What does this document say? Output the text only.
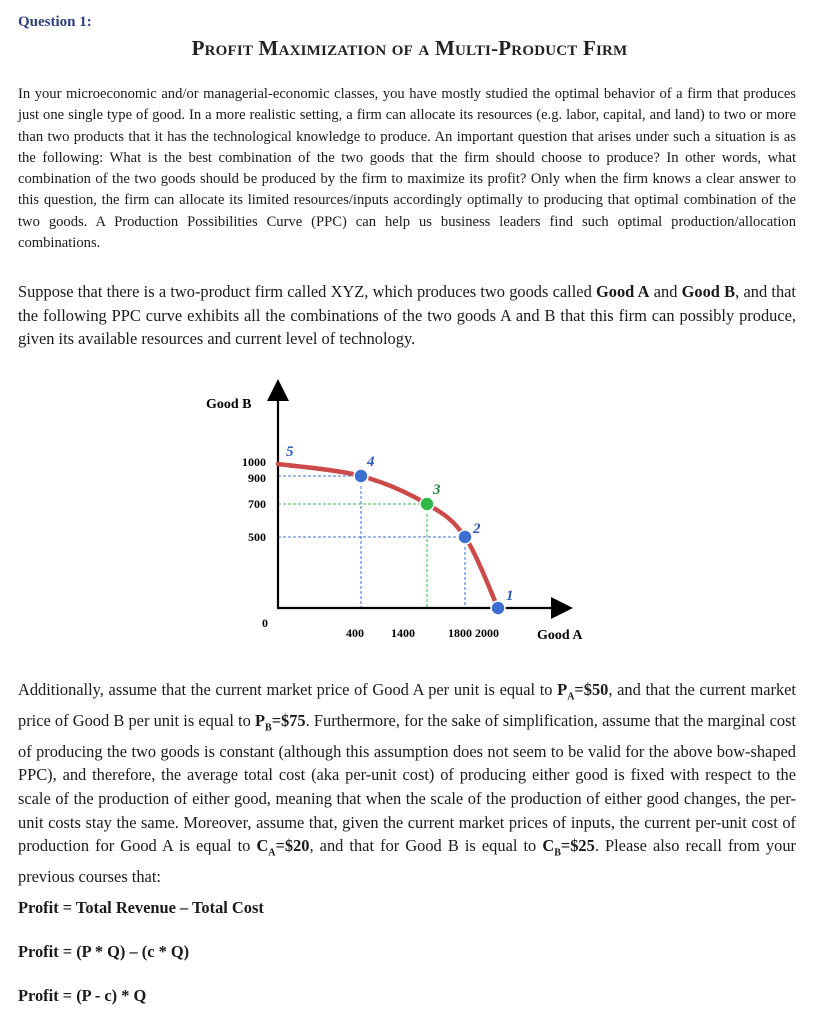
Question 1:
Profit Maximization of a Multi-Product Firm
In your microeconomic and/or managerial-economic classes, you have mostly studied the optimal behavior of a firm that produces just one single type of good. In a more realistic setting, a firm can allocate its resources (e.g. labor, capital, and land) to two or more than two products that it has the technological knowledge to produce. An important question that arises under such a situation is as the following: What is the best combination of the two goods that the firm should choose to produce? In other words, what combination of the two goods should be produced by the firm to maximize its profit? Only when the firm knows a clear answer to this question, the firm can allocate its limited resources/inputs accordingly optimally to producing that optimal combination of the two goods. A Production Possibilities Curve (PPC) can help us business leaders find such optimal production/allocation combinations.
Suppose that there is a two-product firm called XYZ, which produces two goods called Good A and Good B, and that the following PPC curve exhibits all the combinations of the two goods A and B that this firm can possibly produce, given its available resources and current level of technology.
5
4
3
2
1
Good B
Good A
0
1000
900
700
500
400 1400	1800 2000
Additionally, assume that the current market price of Good A per unit is equal to $P_A=\$50$, and that the current market price of Good B per unit is equal to $P_B=\$75$. Furthermore, for the sake of simplification, assume that the marginal cost of producing the two goods is constant (although this assumption does not seem to be valid for the above bow-shaped PPC), and therefore, the average total cost (aka per-unit cost) of producing either good is fixed with respect to the scale of the production of either good, meaning that when the scale of the production of either good changes, the per-unit costs stay the same. Moreover, assume that, given the current market prices of inputs, the current per-unit cost of production for Good A is equal to $C_A=\$20$, and that for Good B is equal to $C_B=\$25$. Please also recall from your previous courses that:
Profit = Total Revenue – Total Cost
Profit = (P * Q) – (c * Q)
Profit = (P - c) * Q
